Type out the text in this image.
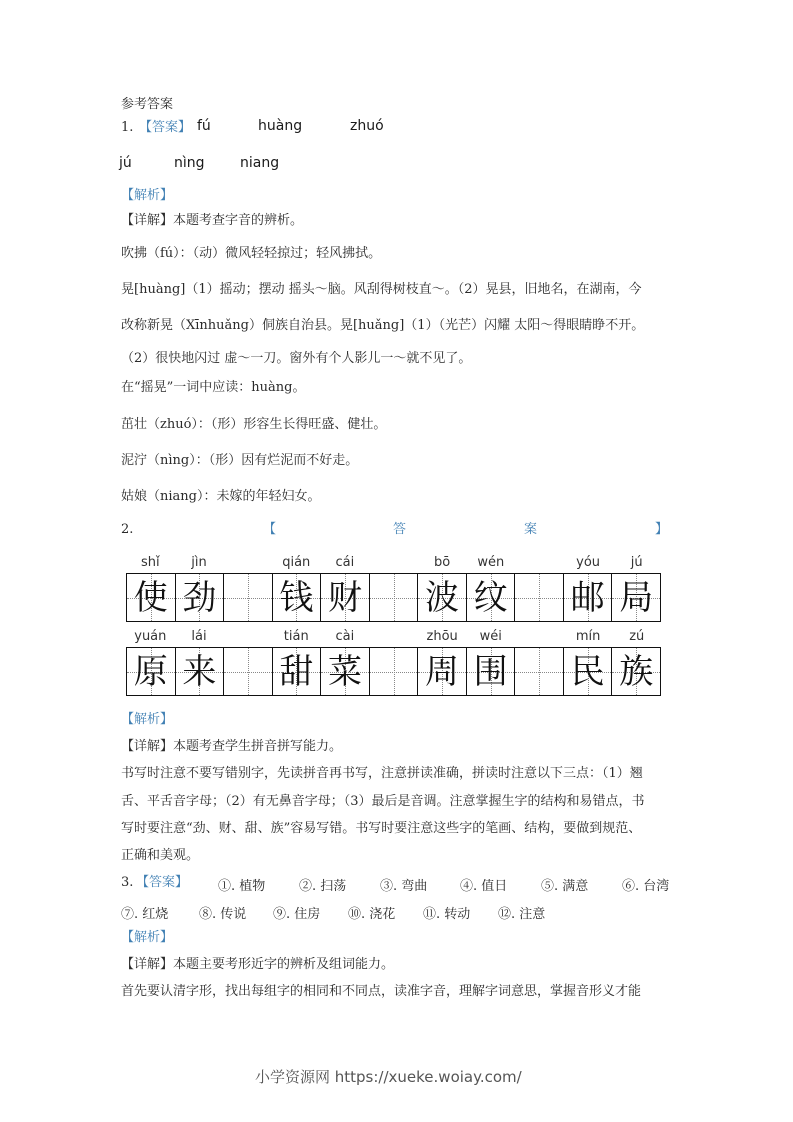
参考答案
1. 【答案】 fú	huàng	zhuó
jú	nìng	niang
【解析】
【详解】本题考查字音的辨析。
吹拂（fú）：（动）微风轻轻掠过；轻风拂拭。
晃[huàng]（1）摇动；摆动 摇头～脑。风刮得树枝直～。（2）晃县，旧地名，在湖南，今
改称新晃（Xīnhuǎng）侗族自治县。晃[huǎng]（1）（光芒）闪耀 太阳～得眼睛睁不开。
（2）很快地闪过 虚～一刀。窗外有个人影儿一～就不见了。
在“摇晃”一词中应读：huàng。
茁壮（zhuó）：（形）形容生长得旺盛、健壮。
泥泞（nìng）：（形）因有烂泥而不好走。
姑娘（niang）：未嫁的年轻妇女。
2.	【	答	案	】
shǐ	jìn	qián	cái	bō	wén	yóu	jú
使 劲 钱 财 波 纹 邮 局
yuán	lái	tián	cài	zhōu	wéi	mín	zú
原 来 甜 菜 周 围 民 族
【解析】
【详解】本题考查学生拼音拼写能力。
书写时注意不要写错别字，先读拼音再书写，注意拼读准确，拼读时注意以下三点：（1）翘
舌、平舌音字母；（2）有无鼻音字母；（3）最后是音调。注意掌握生字的结构和易错点，书
写时要注意“劲、财、甜、族”容易写错。书写时要注意这些字的笔画、结构，要做到规范、
正确和美观。
3. 【答案】 ①. 植物	②. 扫荡	③. 弯曲	④. 值日	⑤. 满意	⑥. 台湾
⑦. 红烧 ⑧. 传说 ⑨. 住房 ⑩. 浇花 ⑪. 转动 ⑫. 注意
【解析】
【详解】本题主要考形近字的辨析及组词能力。
首先要认清字形，找出每组字的相同和不同点，读准字音，理解字词意思，掌握音形义才能
小学资源网 https://xueke.woiay.com/
